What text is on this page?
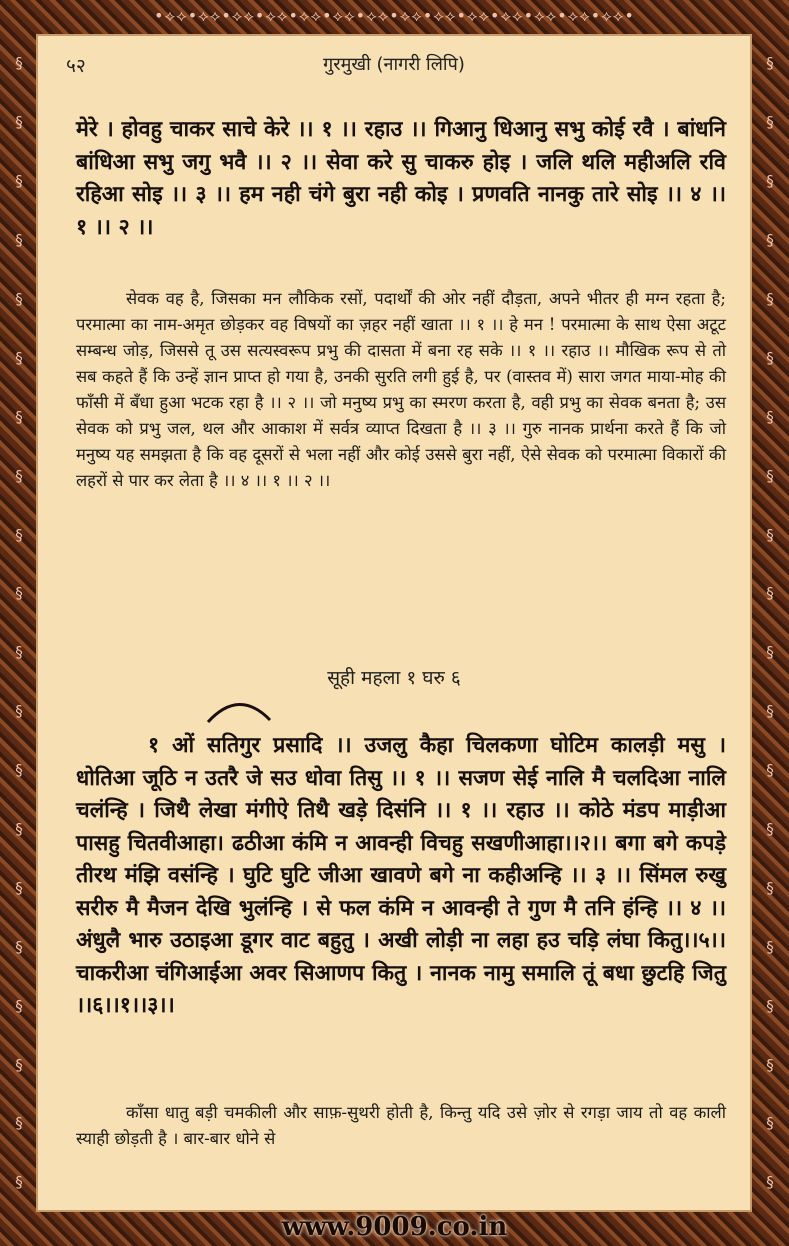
•⟡⟡•⟡⟡•⟡⟡•⟡⟡•⟡⟡•⟡⟡•⟡⟡•⟡⟡•⟡⟡•⟡⟡•⟡⟡•⟡⟡•⟡⟡•⟡⟡•
§
§
§
§
§
§
§
§
§
§
§
§
§
§
§
§
§
§
§
§
§
§
§
§
§
§
§
§
§
§
§
§
§
§
§
§
§
§
§
§
५२	गुरमुखी (नागरी लिपि)
मेरे । होवहु चाकर साचे केरे ।। १ ।। रहाउ ।। गिआनु धिआनु सभु कोई रवै । बांधनि बांधिआ सभु जगु भवै ।। २ ।। सेवा करे सु चाकरु होइ । जलि थलि महीअलि रवि रहिआ सोइ ।। ३ ।। हम नही चंगे बुरा नही कोइ । प्रणवति नानकु तारे सोइ ।। ४ ।। १ ।। २ ।।
सेवक वह है, जिसका मन लौकिक रसों, पदार्थों की ओर नहीं दौड़ता, अपने भीतर ही मग्न रहता है; परमात्मा का नाम-अमृत छोड़कर वह विषयों का ज़हर नहीं खाता ।। १ ।। हे मन ! परमात्मा के साथ ऐसा अटूट सम्बन्ध जोड़, जिससे तू उस सत्यस्वरूप प्रभु की दासता में बना रह सके ।। १ ।। रहाउ ।। मौखिक रूप से तो सब कहते हैं कि उन्हें ज्ञान प्राप्त हो गया है, उनकी सुरति लगी हुई है, पर (वास्तव में) सारा जगत माया-मोह की फाँसी में बँधा हुआ भटक रहा है ।। २ ।। जो मनुष्य प्रभु का स्मरण करता है, वही प्रभु का सेवक बनता है; उस सेवक को प्रभु जल, थल और आकाश में सर्वत्र व्याप्त दिखता है ।। ३ ।। गुरु नानक प्रार्थना करते हैं कि जो मनुष्य यह समझता है कि वह दूसरों से भला नहीं और कोई उससे बुरा नहीं, ऐसे सेवक को परमात्मा विकारों की लहरों से पार कर लेता है ।। ४ ।। १ ।। २ ।।
सूही महला १ घरु ६
१ ओं सतिगुर प्रसादि ।। उजलु कैहा चिलकणा घोटिम कालड़ी मसु । धोतिआ जूठि न उतरै जे सउ धोवा तिसु ।। १ ।। सजण सेई नालि मै चलदिआ नालि चलंन्हि । जिथै लेखा मंगीऐ तिथै खड़े दिसंनि ।। १ ।। रहाउ ।। कोठे मंडप माड़ीआ पासहु चितवीआहा। ढठीआ कंमि न आवन्ही विचहु सखणीआहा।।२।। बगा बगे कपड़े तीरथ मंझि वसंन्हि । घुटि घुटि जीआ खावणे बगे ना कहीअन्हि ।। ३ ।। सिंमल रुखु सरीरु मै मैजन देखि भुलंन्हि । से फल कंमि न आवन्ही ते गुण मै तनि हंन्हि ।। ४ ।। अंधुलै भारु उठाइआ डूगर वाट बहुतु । अखी लोड़ी ना लहा हउ चड़ि लंघा कितु।।५।। चाकरीआ चंगिआईआ अवर सिआणप कितु । नानक नामु समालि तूं बधा छुटहि जितु ।।६।।१।।३।।
काँसा धातु बड़ी चमकीली और साफ़-सुथरी होती है, किन्तु यदि उसे ज़ोर से रगड़ा जाय तो वह काली स्याही छोड़ती है । बार-बार धोने से
www.9009.co.in
